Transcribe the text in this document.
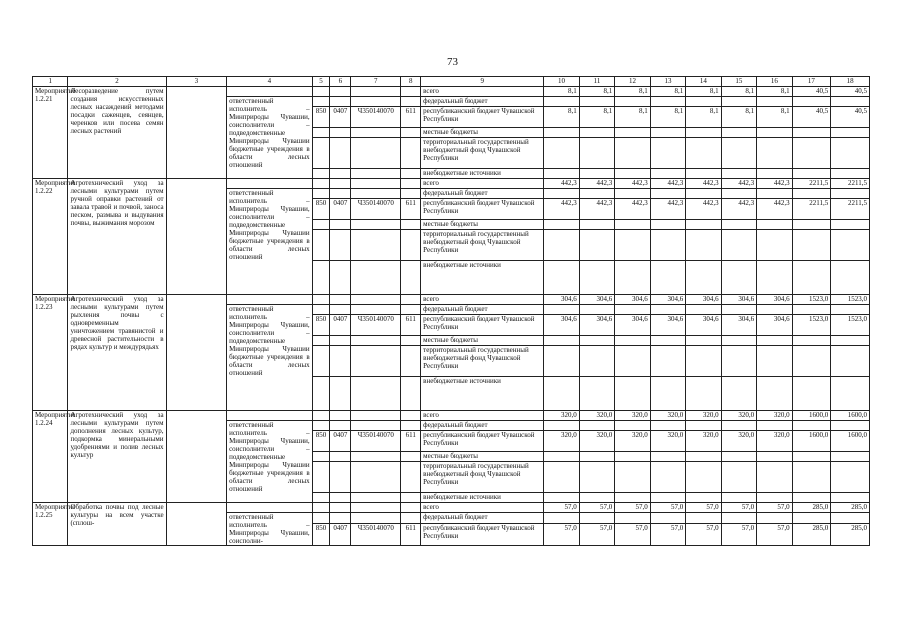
73
1	2	3	4	5	6	7	8	9	10	11	12	13	14	15	16	17	18
Мероприятие 1.2.21	Лесоразведение путем создания искусственных лесных насаждений методами посадки саженцев, сеянцев, черенков или посева семян лесных растений							всего	8,1	8,1	8,1	8,1	8,1	8,1	8,1	40,5	40,5
			ответственный исполнитель – Минприроды Чувашии, соисполнители – подведомственные Минприроды Чувашии бюджетные учреждения в области лесных отношений					федеральный бюджет									
				850	0407	Ч350140070	611	республиканский бюджет Чувашской Республики	8,1	8,1	8,1	8,1	8,1	8,1	8,1	40,5	40,5
								местные бюджеты									
								территориальный государственный внебюджетный фонд Чувашской Республики									
								внебюджетные источники									
Мероприятие 1.2.22	Агротехнический уход за лесными культурами путем ручной оправки растений от завала травой и почвой, заноса песком, размыва и выдувания почвы, выжимания морозом							всего	442,3	442,3	442,3	442,3	442,3	442,3	442,3	2211,5	2211,5
			ответственный исполнитель – Минприроды Чувашии, соисполнители – подведомственные Минприроды Чувашии бюджетные учреждения в области лесных отношений					федеральный бюджет									
				850	0407	Ч350140070	611	республиканский бюджет Чувашской Республики	442,3	442,3	442,3	442,3	442,3	442,3	442,3	2211,5	2211,5
								местные бюджеты									
								территориальный государственный внебюджетный фонд Чувашской Республики									
								внебюджетные источники									
Мероприятие 1.2.23	Агротехнический уход за лесными культурами путем рыхления почвы с одновременным уничтожением травянистой и древесной растительности в рядах культур и междурядьях							всего	304,6	304,6	304,6	304,6	304,6	304,6	304,6	1523,0	1523,0
			ответственный исполнитель – Минприроды Чувашии, соисполнители – подведомственные Минприроды Чувашии бюджетные учреждения в области лесных отношений					федеральный бюджет									
				850	0407	Ч350140070	611	республиканский бюджет Чувашской Республики	304,6	304,6	304,6	304,6	304,6	304,6	304,6	1523,0	1523,0
								местные бюджеты									
								территориальный государственный внебюджетный фонд Чувашской Республики									
								внебюджетные источники									
Мероприятие 1.2.24	Агротехнический уход за лесными культурами путем дополнения лесных культур, подкормка минеральными удобрениями и полив лесных культур							всего	320,0	320,0	320,0	320,0	320,0	320,0	320,0	1600,0	1600,0
			ответственный исполнитель – Минприроды Чувашии, соисполнители – подведомственные Минприроды Чувашии бюджетные учреждения в области лесных отношений					федеральный бюджет									
				850	0407	Ч350140070	611	республиканский бюджет Чувашской Республики	320,0	320,0	320,0	320,0	320,0	320,0	320,0	1600,0	1600,0
								местные бюджеты									
								территориальный государственный внебюджетный фонд Чувашской Республики									
								внебюджетные источники									
Мероприятие 1.2.25	Обработка почвы под лесные культуры на всем участке (сплош-							всего	57,0	57,0	57,0	57,0	57,0	57,0	57,0	285,0	285,0
			ответственный исполнитель – Минприроды Чувашии, соисполни-					федеральный бюджет									
				850	0407	Ч350140070	611	республиканский бюджет Чувашской Республики	57,0	57,0	57,0	57,0	57,0	57,0	57,0	285,0	285,0
